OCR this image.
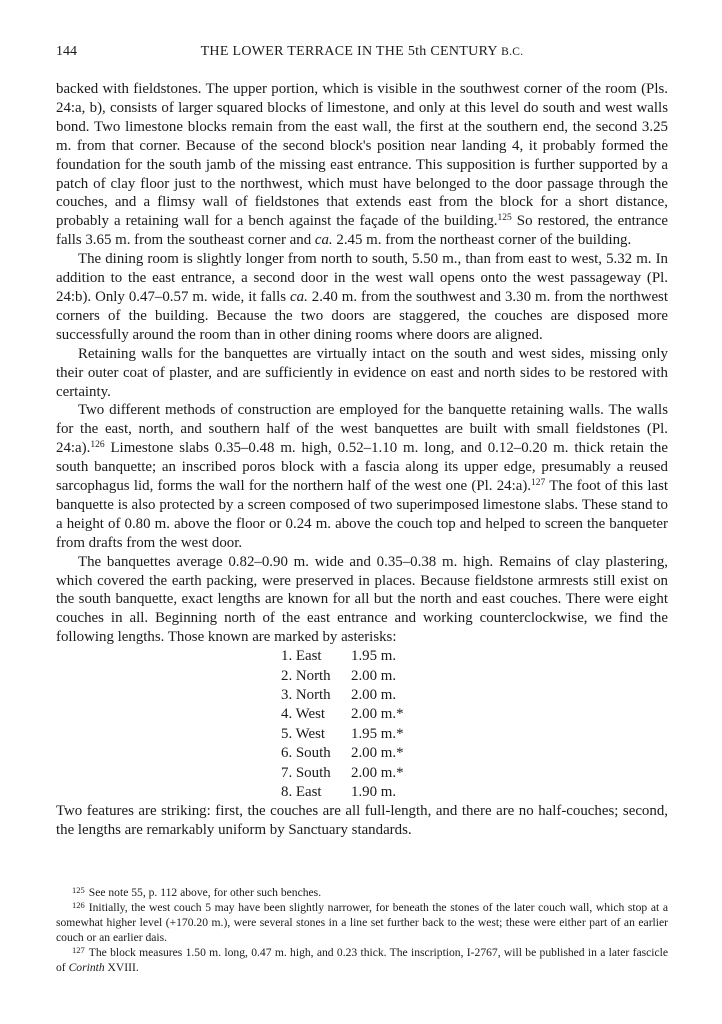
144	THE LOWER TERRACE IN THE 5th CENTURY B.C.

backed with fieldstones. The upper portion, which is visible in the southwest corner of the room (Pls. 24:a, b), consists of larger squared blocks of limestone, and only at this level do south and west walls bond. Two limestone blocks remain from the east wall, the first at the southern end, the second 3.25 m. from that corner. Because of the second block's position near landing 4, it probably formed the foundation for the south jamb of the missing east entrance. This supposition is further supported by a patch of clay floor just to the northwest, which must have belonged to the door passage through the couches, and a flimsy wall of fieldstones that extends east from the block for a short distance, probably a retaining wall for a bench against the façade of the building.$^{125}$ So restored, the entrance falls 3.65 m. from the southeast corner and ca. 2.45 m. from the northeast corner of the building.

The dining room is slightly longer from north to south, 5.50 m., than from east to west, 5.32 m. In addition to the east entrance, a second door in the west wall opens onto the west passageway (Pl. 24:b). Only 0.47–0.57 m. wide, it falls ca. 2.40 m. from the southwest and 3.30 m. from the northwest corners of the building. Because the two doors are staggered, the couches are disposed more successfully around the room than in other dining rooms where doors are aligned.

Retaining walls for the banquettes are virtually intact on the south and west sides, missing only their outer coat of plaster, and are sufficiently in evidence on east and north sides to be restored with certainty.

Two different methods of construction are employed for the banquette retaining walls. The walls for the east, north, and southern half of the west banquettes are built with small fieldstones (Pl. 24:a).$^{126}$ Limestone slabs 0.35–0.48 m. high, 0.52–1.10 m. long, and 0.12–0.20 m. thick retain the south banquette; an inscribed poros block with a fascia along its upper edge, presumably a reused sarcophagus lid, forms the wall for the northern half of the west one (Pl. 24:a).$^{127}$ The foot of this last banquette is also protected by a screen composed of two superimposed limestone slabs. These stand to a height of 0.80 m. above the floor or 0.24 m. above the couch top and helped to screen the banqueter from drafts from the west door.

The banquettes average 0.82–0.90 m. wide and 0.35–0.38 m. high. Remains of clay plastering, which covered the earth packing, were preserved in places. Because fieldstone armrests still exist on the south banquette, exact lengths are known for all but the north and east couches. There were eight couches in all. Beginning north of the east entrance and working counterclockwise, we find the following lengths. Those known are marked by asterisks:

1. East	1.95 m.
2. North	2.00 m.
3. North	2.00 m.
4. West	2.00 m.*
5. West	1.95 m.*
6. South	2.00 m.*
7. South	2.00 m.*
8. East	1.90 m.

Two features are striking: first, the couches are all full-length, and there are no half-couches; second, the lengths are remarkably uniform by Sanctuary standards.

$^{125}$ See note 55, p. 112 above, for other such benches.

$^{126}$ Initially, the west couch 5 may have been slightly narrower, for beneath the stones of the later couch wall, which stop at a somewhat higher level (+170.20 m.), were several stones in a line set further back to the west; these were either part of an earlier couch or an earlier dais.

$^{127}$ The block measures 1.50 m. long, 0.47 m. high, and 0.23 thick. The inscription, I-2767, will be published in a later fascicle of Corinth XVIII.
